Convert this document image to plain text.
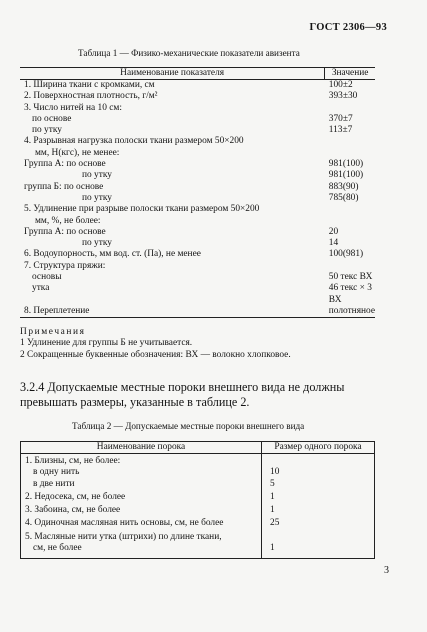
ГОСТ 2306—93
Таблица 1 — Физико-механические показатели авизента
Наименование показателя	Значение
1. Ширина ткани с кромками, см	100±2
2. Поверхностная плотность, г/м²	393±30
3. Число нитей на 10 см:	
по основе	370±7
по утку	113±7
4. Разрывная нагрузка полоски ткани размером 50×200	
мм, Н(кгс), не менее:	
Группа А: по основе	981(100)
по утку	981(100)
группа Б: по основе	883(90)
по утку	785(80)
5. Удлинение при разрыве полоски ткани размером 50×200	
мм, %, не более:	
Группа А: по основе	20
по утку	14
6. Водоупорность, мм вод. ст. (Па), не менее	100(981)
7. Структура пряжи:	
основы	50 текс ВХ
утка	46 текс × 3 ВХ
8. Переплетение	полотняное
Примечания
1 Удлинение для группы Б не учитывается.
2 Сокращенные буквенные обозначения: ВХ — волокно хлопковое.
3.2.4 Допускаемые местные пороки внешнего вида не должны
превышать размеры, указанные в таблице 2.
Таблица 2 — Допускаемые местные пороки внешнего вида
Наименование порока	Размер одного порока
1. Близны, см, не более:	
в одну нить	10
в две нити	5
2. Недосека, см, не более	1
3. Забоина, см, не более	1
4. Одиночная масляная нить основы, см, не более	25
5. Масляные нити утка (штрихи) по длине ткани,	
см, не более	1
3
